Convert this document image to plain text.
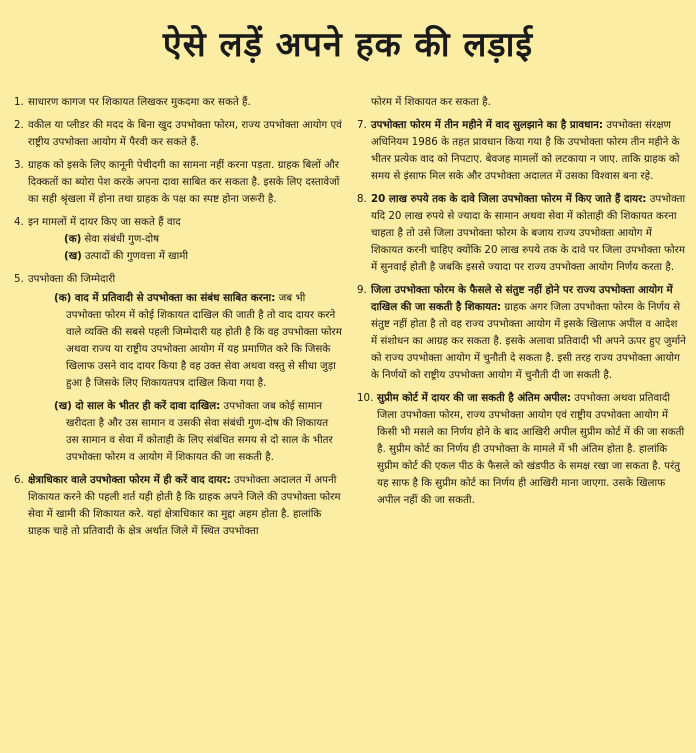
ऐसे लड़ें अपने हक की लड़ाई
1. साधारण कागज पर शिकायत लिखकर मुकदमा कर सकते हैं.
2. वकील या प्लीडर की मदद के बिना खुद उपभोक्ता फोरम, राज्य उपभोक्ता आयोग एवं राष्ट्रीय उपभोक्ता आयोग में पैरवी कर सकते हैं.
3. ग्राहक को इसके लिए कानूनी पेचीदगी का सामना नहीं करना पड़ता. ग्राहक बिलों और दिक्कतों का ब्योरा पेश करके अपना दावा साबित कर सकता है. इसके लिए दस्तावेजों का सही श्रृंखला में होना तथा ग्राहक के पक्ष का स्पष्ट होना जरूरी है.
4. इन मामलों में दायर किए जा सकते हैं वाद
(क) सेवा संबंधी गुण-दोष
(ख) उत्पादों की गुणवत्ता में खामी
5. उपभोक्ता की जिम्मेदारी
(क) वाद में प्रतिवादी से उपभोक्ता का संबंध साबित करना: जब भी उपभोक्ता फोरम में कोई शिकायत दाखिल की जाती है तो वाद दायर करने वाले व्यक्ति की सबसे पहली जिम्मेदारी यह होती है कि वह उपभोक्ता फोरम अथवा राज्य या राष्ट्रीय उपभोक्ता आयोग में यह प्रमाणित करे कि जिसके खिलाफ उसने वाद दायर किया है वह उक्त सेवा अथवा वस्तु से सीधा जुड़ा हुआ है जिसके लिए शिकायतपत्र दाखिल किया गया है.
(ख) दो साल के भीतर ही करें दावा दाखिल: उपभोक्ता जब कोई सामान खरीदता है और उस सामान व उसकी सेवा संबंधी गुण-दोष की शिकायत उस सामान व सेवा में कोताही के लिए संबंधित समय से दो साल के भीतर उपभोक्ता फोरम व आयोग में शिकायत की जा सकती है.
6. क्षेत्राधिकार वाले उपभोक्ता फोरम में ही करें वाद दायर: उपभोक्ता अदालत में अपनी शिकायत करने की पहली शर्त यही होती है कि ग्राहक अपने जिले की उपभोक्ता फोरम सेवा में खामी की शिकायत करे. यहां क्षेत्राधिकार का मुद्दा अहम होता है. हालांकि ग्राहक चाहे तो प्रतिवादी के क्षेत्र अर्थात जिले में स्थित उपभोक्ता
फोरम में शिकायत कर सकता है.
7. उपभोक्ता फोरम में तीन महीने में वाद सुलझाने का है प्रावधान: उपभोक्ता संरक्षण अधिनियम 1986 के तहत प्रावधान किया गया है कि उपभोक्ता फोरम तीन महीने के भीतर प्रत्येक वाद को निपटाए. बेवजह मामलों को लटकाया न जाए. ताकि ग्राहक को समय से इंसाफ मिल सके और उपभोक्ता अदालत में उसका विश्वास बना रहे.
8. 20 लाख रुपये तक के दावे जिला उपभोक्ता फोरम में किए जाते हैं दायर: उपभोक्ता यदि 20 लाख रुपये से ज्यादा के सामान अथवा सेवा में कोताही की शिकायत करना चाहता है तो उसे जिला उपभोक्ता फोरम के बजाय राज्य उपभोक्ता आयोग में शिकायत करनी चाहिए क्योंकि 20 लाख रुपये तक के दावे पर जिला उपभोक्ता फोरम में सुनवाई होती है जबकि इससे ज्यादा पर राज्य उपभोक्ता आयोग निर्णय करता है.
9. जिला उपभोक्ता फोरम के फैसले से संतुष्ट नहीं होने पर राज्य उपभोक्ता आयोग में दाखिल की जा सकती है शिकायत: ग्राहक अगर जिला उपभोक्ता फोरम के निर्णय से संतुष्ट नहीं होता है तो वह राज्य उपभोक्ता आयोग में इसके खिलाफ अपील व आदेश में संशोधन का आग्रह कर सकता है. इसके अलावा प्रतिवादी भी अपने ऊपर हुए जुर्माने को राज्य उपभोक्ता आयोग में चुनौती दे सकता है. इसी तरह राज्य उपभोक्ता आयोग के निर्णयों को राष्ट्रीय उपभोक्ता आयोग में चुनौती दी जा सकती है.
10. सुप्रीम कोर्ट में दायर की जा सकती है अंतिम अपील: उपभोक्ता अथवा प्रतिवादी जिला उपभोक्ता फोरम, राज्य उपभोक्ता आयोग एवं राष्ट्रीय उपभोक्ता आयोग में किसी भी मसले का निर्णय होने के बाद आखिरी अपील सुप्रीम कोर्ट में की जा सकती है. सुप्रीम कोर्ट का निर्णय ही उपभोक्ता के मामले में भी अंतिम होता है. हालांकि सुप्रीम कोर्ट की एकल पीठ के फैसले को खंडपीठ के समक्ष रखा जा सकता है. परंतु यह साफ है कि सुप्रीम कोर्ट का निर्णय ही आखिरी माना जाएगा. उसके खिलाफ अपील नहीं की जा सकती.
